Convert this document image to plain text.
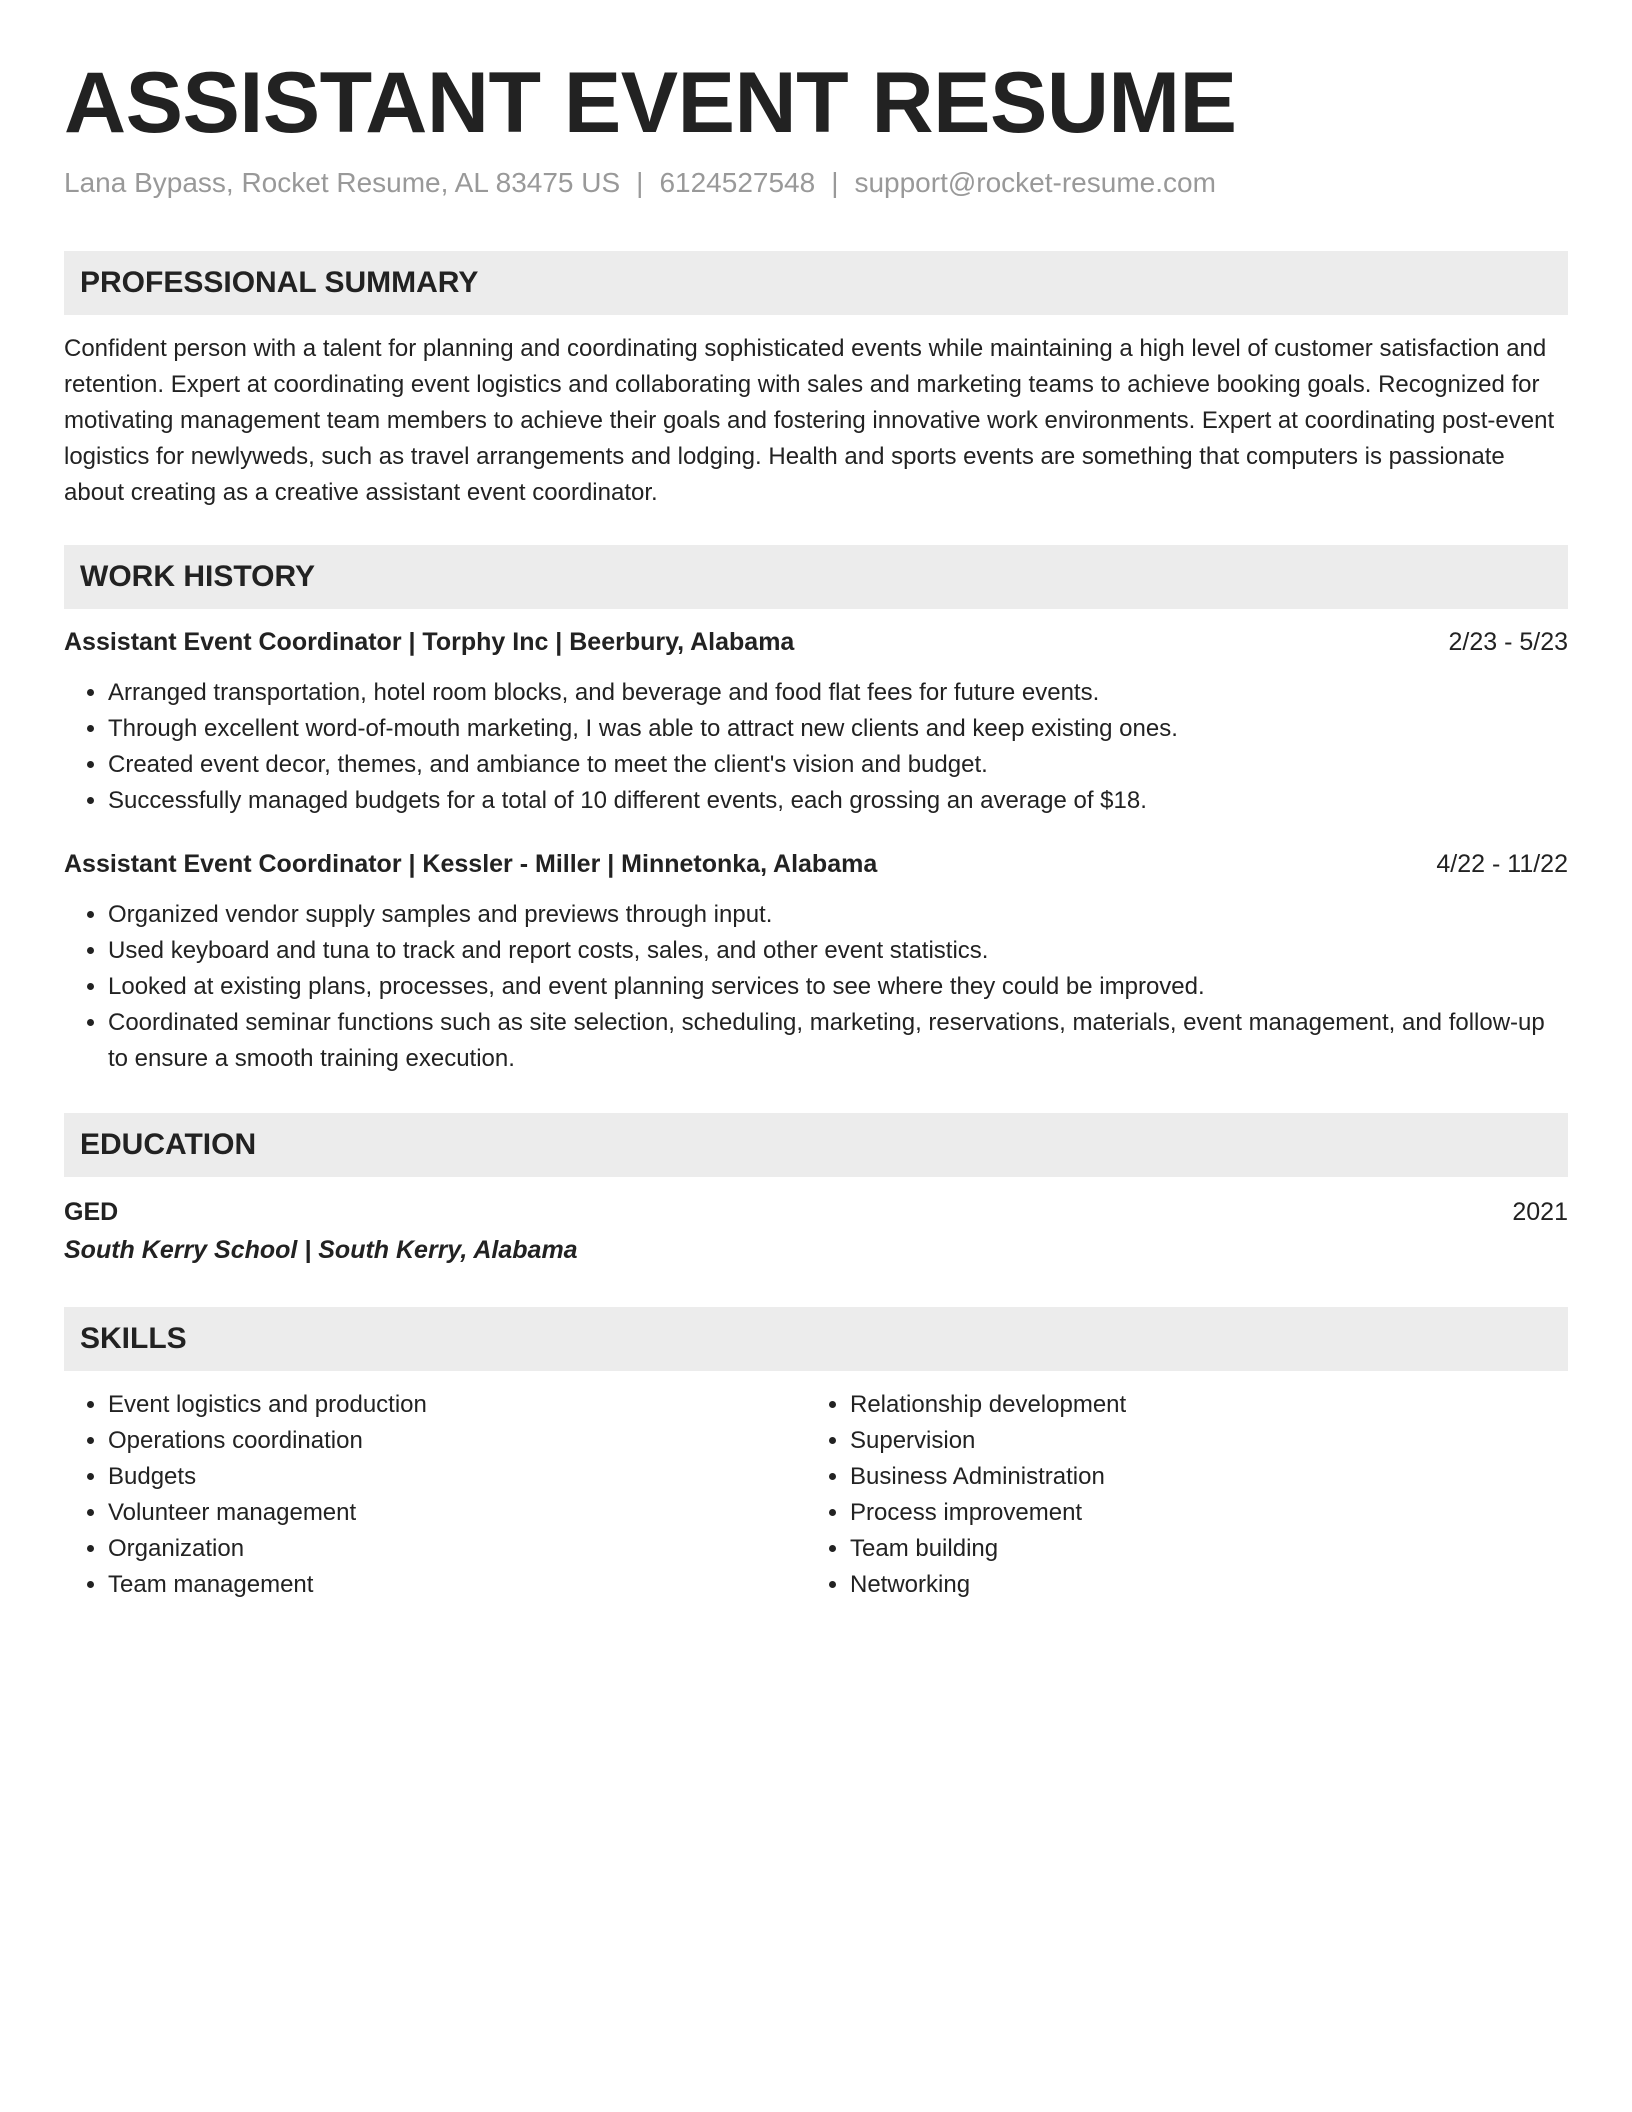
ASSISTANT EVENT RESUME
Lana Bypass, Rocket Resume, AL 83475 US | 6124527548 | support@rocket-resume.com
PROFESSIONAL SUMMARY
Confident person with a talent for planning and coordinating sophisticated events while maintaining a high level of customer satisfaction and retention. Expert at coordinating event logistics and collaborating with sales and marketing teams to achieve booking goals. Recognized for motivating management team members to achieve their goals and fostering innovative work environments. Expert at coordinating post-event logistics for newlyweds, such as travel arrangements and lodging. Health and sports events are something that computers is passionate about creating as a creative assistant event coordinator.
WORK HISTORY
Assistant Event Coordinator | Torphy Inc | Beerbury, Alabama	2/23 - 5/23
• Arranged transportation, hotel room blocks, and beverage and food flat fees for future events.
• Through excellent word-of-mouth marketing, I was able to attract new clients and keep existing ones.
• Created event decor, themes, and ambiance to meet the client's vision and budget.
• Successfully managed budgets for a total of 10 different events, each grossing an average of $18.
Assistant Event Coordinator | Kessler - Miller | Minnetonka, Alabama	4/22 - 11/22
• Organized vendor supply samples and previews through input.
• Used keyboard and tuna to track and report costs, sales, and other event statistics.
• Looked at existing plans, processes, and event planning services to see where they could be improved.
• Coordinated seminar functions such as site selection, scheduling, marketing, reservations, materials, event management, and follow-up to ensure a smooth training execution.
EDUCATION
GED	2021
South Kerry School | South Kerry, Alabama
SKILLS
• Event logistics and production
• Operations coordination
• Budgets
• Volunteer management
• Organization
• Team management
• Relationship development
• Supervision
• Business Administration
• Process improvement
• Team building
• Networking
